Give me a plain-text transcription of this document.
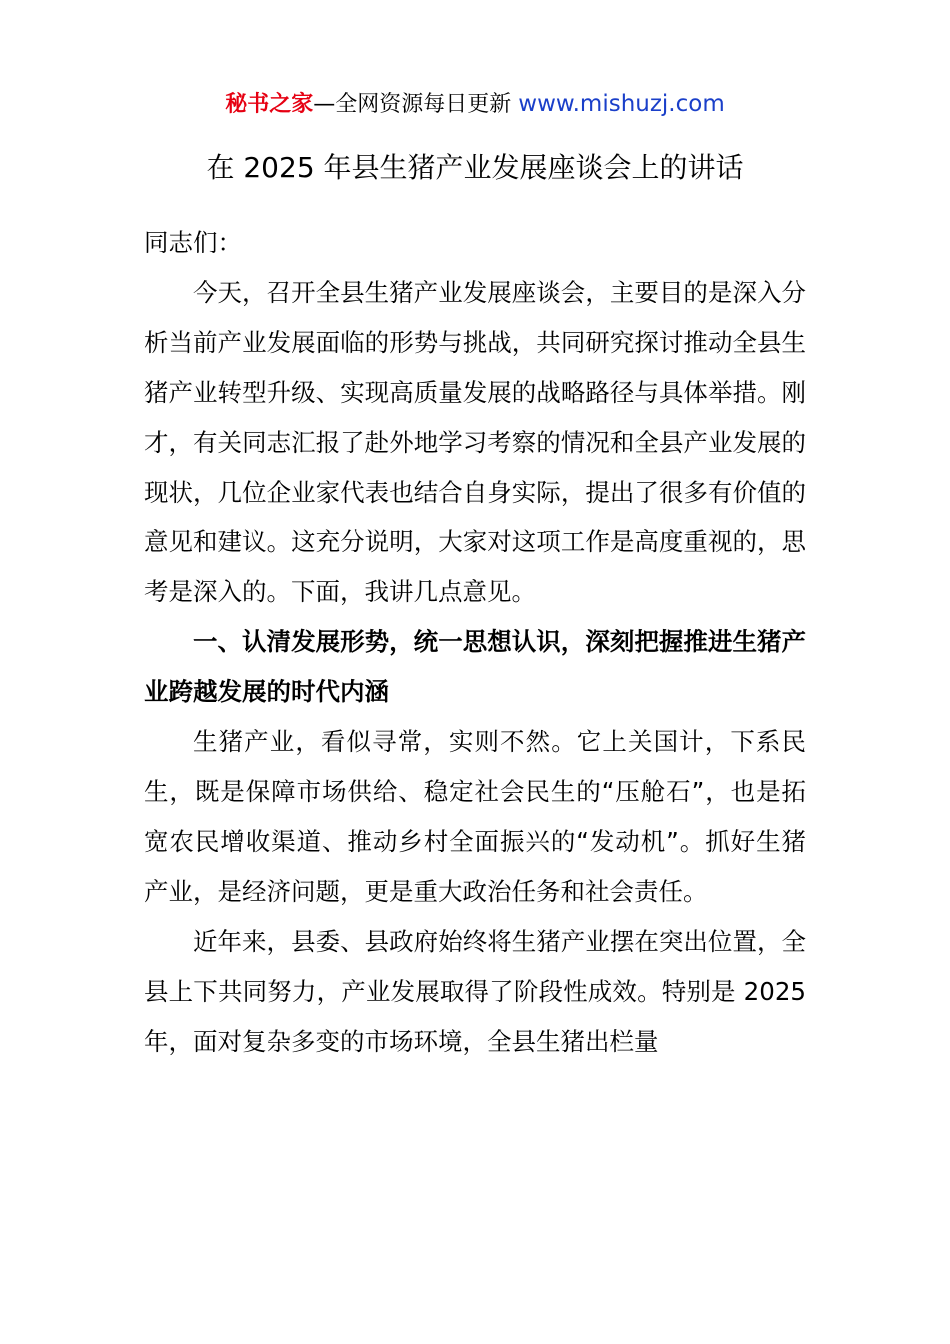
秘书之家—全网资源每日更新 www.mishuzj.com
在 2025 年县生猪产业发展座谈会上的讲话

同志们：

今天，召开全县生猪产业发展座谈会，主要目的是深入分析当前产业发展面临的形势与挑战，共同研究探讨推动全县生猪产业转型升级、实现高质量发展的战略路径与具体举措。刚才，有关同志汇报了赴外地学习考察的情况和全县产业发展的现状，几位企业家代表也结合自身实际，提出了很多有价值的意见和建议。这充分说明，大家对这项工作是高度重视的，思考是深入的。下面，我讲几点意见。

一、认清发展形势，统一思想认识，深刻把握推进生猪产业跨越发展的时代内涵

生猪产业，看似寻常，实则不然。它上关国计，下系民生，既是保障市场供给、稳定社会民生的“压舱石”，也是拓宽农民增收渠道、推动乡村全面振兴的“发动机”。抓好生猪产业，是经济问题，更是重大政治任务和社会责任。

近年来，县委、县政府始终将生猪产业摆在突出位置，全县上下共同努力，产业发展取得了阶段性成效。特别是 2025 年，面对复杂多变的市场环境，全县生猪出栏量
